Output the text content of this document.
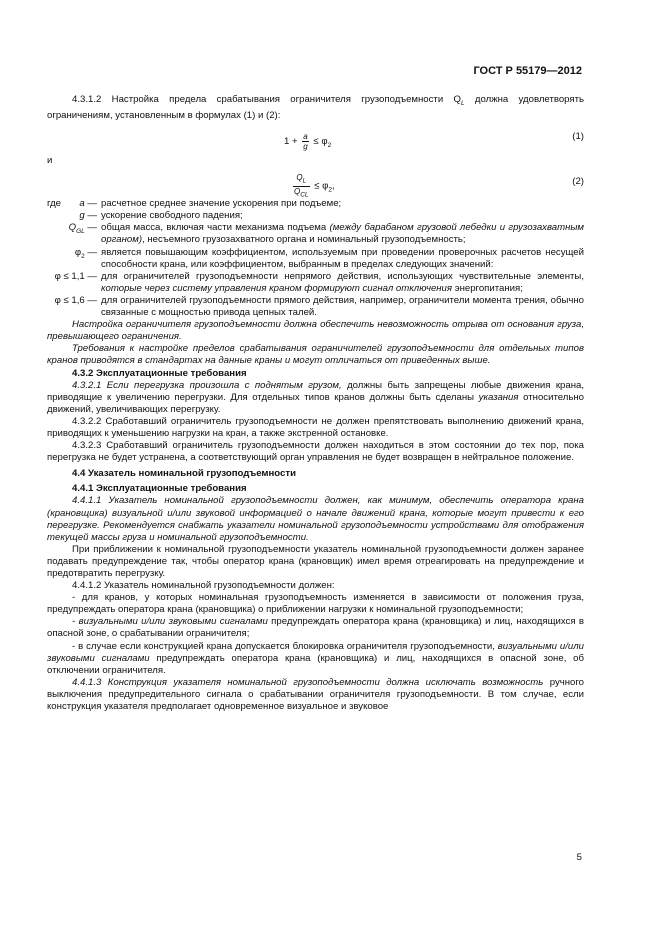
ГОСТ Р 55179—2012

4.3.1.2 Настройка предела срабатывания ограничителя грузоподъемности $Q_L$ должна удовлетворять ограничениям, установленным в формулах (1) и (2):

$1 + \frac{a}{g} \le \varphi_2$
(1)

и

$\frac{Q_L}{Q_{CL}} \le \varphi_2$,	(2)
где a — расчетное среднее значение ускорения при подъеме;
g — ускорение свободного падения;
$Q_{GL}$ — общая масса, включая части механизма подъема (между барабаном грузовой лебедки и грузозахватным органом), несъемного грузозахватного органа и номинальный грузоподъемность;
$\varphi_2$ — является повышающим коэффициентом, используемым при проведении проверочных расчетов несущей способности крана, или коэффициентом, выбранным в пределах следующих значений:
φ ≤ 1,1 — для ограничителей грузоподъемности непрямого действия, использующих чувствительные элементы, которые через систему управления краном формируют сигнал отключения энергопитания;
φ ≤ 1,6 — для ограничителей грузоподъемности прямого действия, например, ограничители момента трения, обычно связанные с мощностью привода цепных талей.

Настройка ограничителя грузоподъемности должна обеспечить невозможность отрыва от основания груза, превышающего ограничения.

Требования к настройке пределов срабатывания ограничителей грузоподъемности для отдельных типов кранов приводятся в стандартах на данные краны и могут отличаться от приведенных выше.

4.3.2 Эксплуатационные требования

4.3.2.1 Если перегрузка произошла с поднятым грузом, должны быть запрещены любые движения крана, приводящие к увеличению перегрузки. Для отдельных типов кранов должны быть сделаны указания относительно движений, увеличивающих перегрузку.

4.3.2.2 Сработавший ограничитель грузоподъемности не должен препятствовать выполнению движений крана, приводящих к уменьшению нагрузки на кран, а также экстренной остановке.

4.3.2.3 Сработавший ограничитель грузоподъемности должен находиться в этом состоянии до тех пор, пока перегрузка не будет устранена, а соответствующий орган управления не будет возвращен в нейтральное положение.

4.4 Указатель номинальной грузоподъемности

4.4.1 Эксплуатационные требования

4.4.1.1 Указатель номинальной грузоподъемности должен, как минимум, обеспечить оператора крана (крановщика) визуальной и/или звуковой информацией о начале движений крана, которые могут привести к его перегрузке. Рекомендуется снабжать указатели номинальной грузоподъемности устройствами для отображения текущей массы груза и номинальной грузоподъемности.

При приближении к номинальной грузоподъемности указатель номинальной грузоподъемности должен заранее подавать предупреждение так, чтобы оператор крана (крановщик) имел время отреагировать на предупреждение и предотвратить перегрузку.

4.4.1.2 Указатель номинальной грузоподъемности должен:

- для кранов, у которых номинальная грузоподъемность изменяется в зависимости от положения груза, предупреждать оператора крана (крановщика) о приближении нагрузки к номинальной грузоподъемности;

- визуальными и/или звуковыми сигналами предупреждать оператора крана (крановщика) и лиц, находящихся в опасной зоне, о срабатывании ограничителя;

- в случае если конструкцией крана допускается блокировка ограничителя грузоподъемности, визуальными и/или звуковыми сигналами предупреждать оператора крана (крановщика) и лиц, находящихся в опасной зоне, об отключении ограничителя.

4.4.1.3 Конструкция указателя номинальной грузоподъемности должна исключать возможность ручного выключения предупредительного сигнала о срабатывании ограничителя грузоподъемности. В том случае, если конструкция указателя предполагает одновременное визуальное и звуковое

5
